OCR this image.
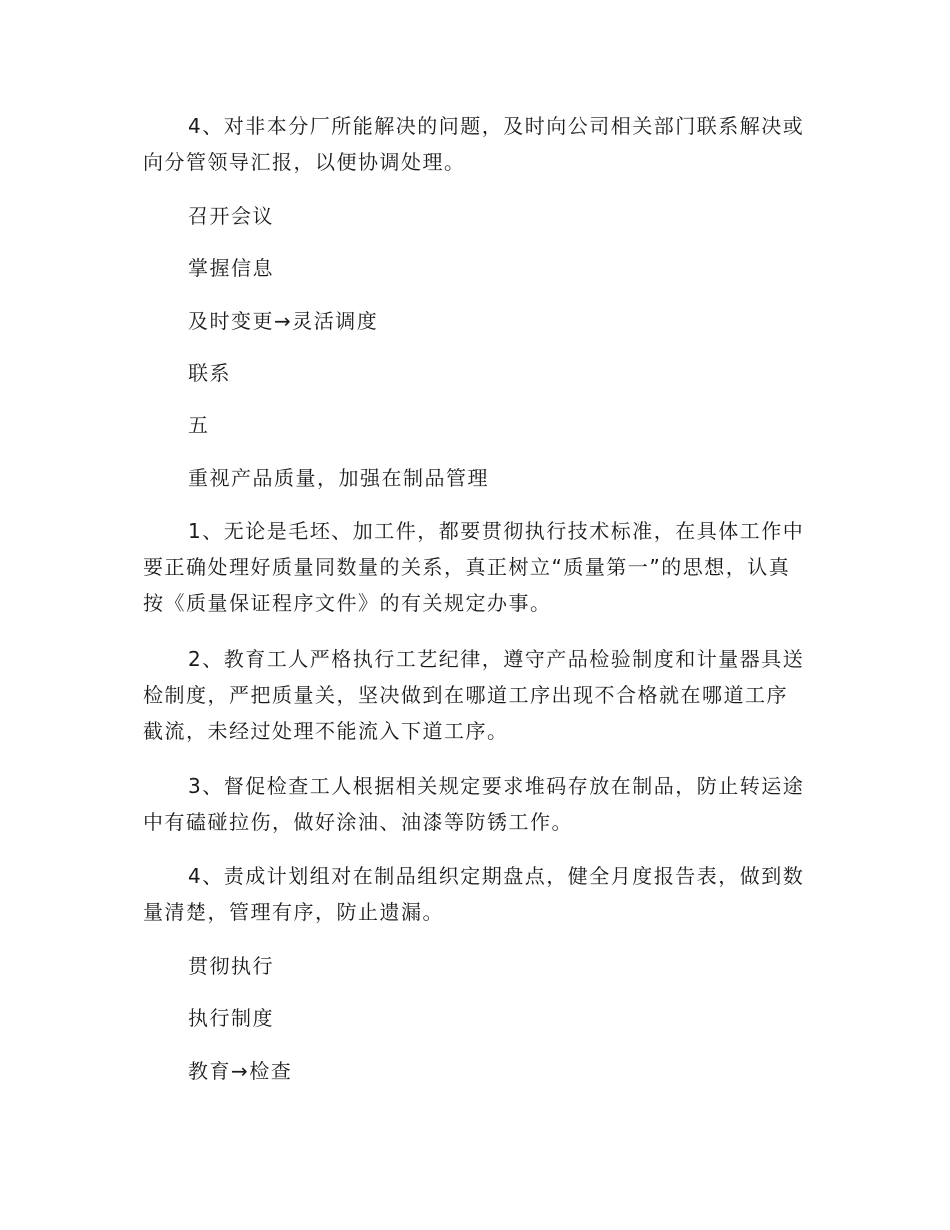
4、对非本分厂所能解决的问题，及时向公司相关部门联系解决或向分管领导汇报，以便协调处理。

召开会议
掌握信息
及时变更→灵活调度
联系
五
重视产品质量，加强在制品管理

1、无论是毛坯、加工件，都要贯彻执行技术标准，在具体工作中要正确处理好质量同数量的关系，真正树立“质量第一”的思想，认真按《质量保证程序文件》的有关规定办事。

2、教育工人严格执行工艺纪律，遵守产品检验制度和计量器具送检制度，严把质量关，坚决做到在哪道工序出现不合格就在哪道工序截流，未经过处理不能流入下道工序。

3、督促检查工人根据相关规定要求堆码存放在制品，防止转运途中有磕碰拉伤，做好涂油、油漆等防锈工作。

4、责成计划组对在制品组织定期盘点，健全月度报告表，做到数量清楚，管理有序，防止遗漏。

贯彻执行
执行制度
教育→检查
